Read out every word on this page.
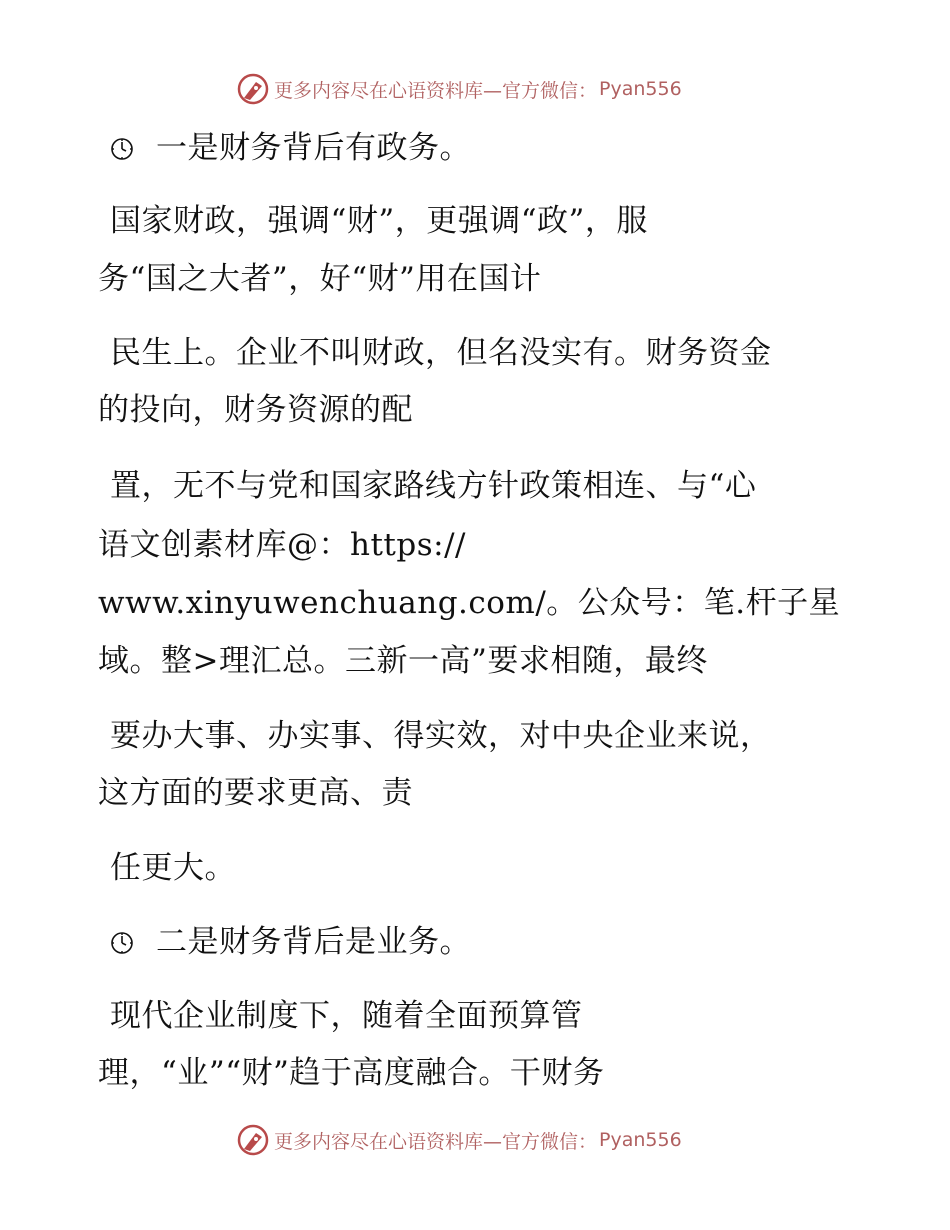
更多内容尽在心语资料库—官方微信： Pyan556
一是财务背后有政务。
国家财政，强调“财”，更强调“政”，服
务“国之大者”，好“财”用在国计
民生上。企业不叫财政，但名没实有。财务资金
的投向，财务资源的配
置，无不与党和国家路线方针政策相连、与“心
语文创素材库@：https://
www.xinyuwenchuang.com/。公众号：笔.杆子星
域。整>理汇总。三新一高”要求相随，最终
要办大事、办实事、得实效，对中央企业来说，
这方面的要求更高、责
任更大。
二是财务背后是业务。
现代企业制度下，随着全面预算管
理，“业”“财”趋于高度融合。干财务
更多内容尽在心语资料库—官方微信： Pyan556
